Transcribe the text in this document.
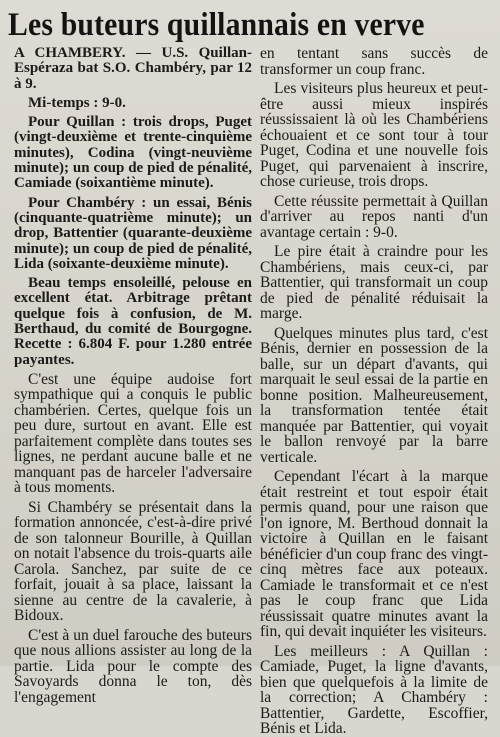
Les buteurs quillannais en verve

A CHAMBERY. — U.S. Quillan-Espéraza bat S.O. Chambéry, par 12 à 9.

Mi-temps : 9-0.

Pour Quillan : trois drops, Puget (vingt-deuxième et trente-cinquième minutes), Codina (vingt-neuvième minute); un coup de pied de pénalité, Camiade (soixantième minute).

Pour Chambéry : un essai, Bénis (cinquante-quatrième minute); un drop, Battentier (quarante-deuxième minute); un coup de pied de pénalité, Lida (soixante-deuxième minute).

Beau temps ensoleillé, pelouse en excellent état. Arbitrage prêtant quelque fois à confusion, de M. Berthaud, du comité de Bourgogne. Recette : 6.804 F. pour 1.280 entrée payantes.

C'est une équipe audoise fort sympathique qui a conquis le public chambérien. Certes, quelque fois un peu dure, surtout en avant. Elle est parfaitement complète dans toutes ses lignes, ne perdant aucune balle et ne manquant pas de harceler l'adversaire à tous moments.

Si Chambéry se présentait dans la formation annoncée, c'est-à-dire privé de son talonneur Bourille, à Quillan on notait l'absence du trois-quarts aile Carola. Sanchez, par suite de ce forfait, jouait à sa place, laissant la sienne au centre de la cavalerie, à Bidoux.

C'est à un duel farouche des buteurs que nous allions assister au long de la partie. Lida pour le compte des Savoyards donna le ton, dès l'engagement

en tentant sans succès de transformer un coup franc.

Les visiteurs plus heureux et peut-être aussi mieux inspirés réussissaient là où les Chambériens échouaient et ce sont tour à tour Puget, Codina et une nouvelle fois Puget, qui parvenaient à inscrire, chose curieuse, trois drops.

Cette réussite permettait à Quillan d'arriver au repos nanti d'un avantage certain : 9-0.

Le pire était à craindre pour les Chambériens, mais ceux-ci, par Battentier, qui transformait un coup de pied de pénalité réduisait la marge.

Quelques minutes plus tard, c'est Bénis, dernier en possession de la balle, sur un départ d'avants, qui marquait le seul essai de la partie en bonne position. Malheureusement, la transformation tentée était manquée par Battentier, qui voyait le ballon renvoyé par la barre verticale.

Cependant l'écart à la marque était restreint et tout espoir était permis quand, pour une raison que l'on ignore, M. Berthoud donnait la victoire à Quillan en le faisant bénéficier d'un coup franc des vingt-cinq mètres face aux poteaux. Camiade le transformait et ce n'est pas le coup franc que Lida réussissait quatre minutes avant la fin, qui devait inquiéter les visiteurs.

Les meilleurs : A Quillan : Camiade, Puget, la ligne d'avants, bien que quelquefois à la limite de la correction; A Chambéry : Battentier, Gardette, Escoffier, Bénis et Lida.
